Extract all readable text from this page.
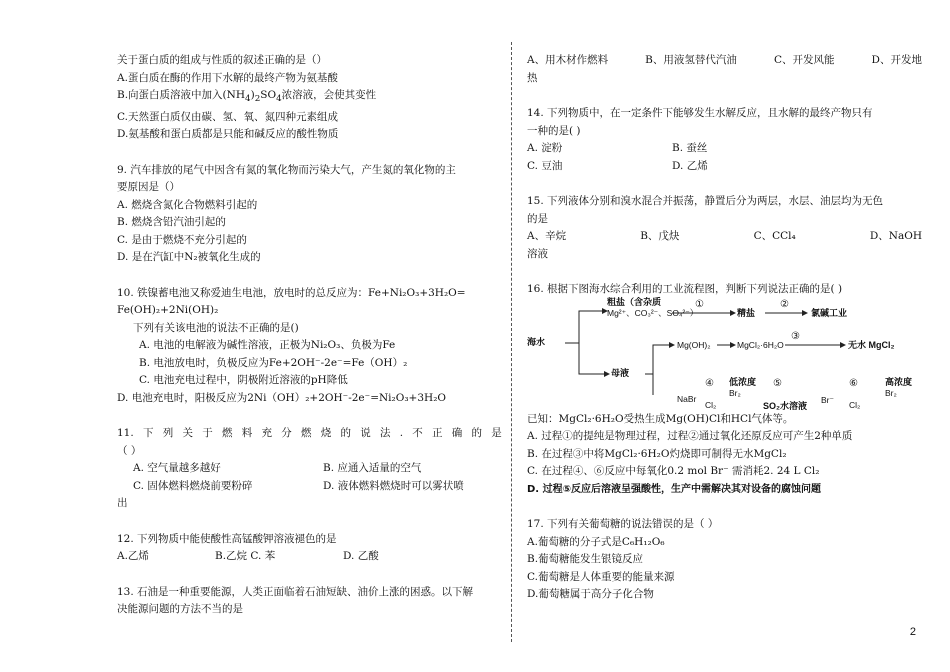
关于蛋白质的组成与性质的叙述正确的是（）
A.蛋白质在酶的作用下水解的最终产物为氨基酸
B.向蛋白质溶液中加入$(NH_4)_2SO_4$浓溶液，会使其变性
C.天然蛋白质仅由碳、氢、氧、氮四种元素组成
D.氨基酸和蛋白质都是只能和碱反应的酸性物质
9. 汽车排放的尾气中因含有氮的氧化物而污染大气，产生氮的氧化物的主
要原因是（）
A. 燃烧含氮化合物燃料引起的
B. 燃烧含铅汽油引起的
C. 是由于燃烧不充分引起的
D. 是在汽缸中N₂被氧化生成的
10. 铁镍蓄电池又称爱迪生电池，放电时的总反应为：Fe+Ni₂O₃+3H₂O=
Fe(OH)₂+2Ni(OH)₂
下列有关该电池的说法不正确的是()
A. 电池的电解液为碱性溶液，正极为Ni₂O₃、负极为Fe
B. 电池放电时，负极反应为Fe+2OH⁻-2e⁻=Fe（OH）₂
C. 电池充电过程中，阴极附近溶液的pH降低
D. 电池充电时，阳极反应为2Ni（OH）₂+2OH⁻-2e⁻=Ni₂O₃+3H₂O
11. 下 列 关 于 燃 料 充 分 燃 烧 的 说 法 . 不 正 确 的 是
（ ）
A. 空气量越多越好	B. 应通入适量的空气
C. 固体燃料燃烧前要粉碎	D. 液体燃料燃烧时可以雾状喷
出
12. 下列物质中能使酸性高锰酸钾溶液褪色的是
A.乙烯	B.乙烷 C. 苯	D. 乙酸
13. 石油是一种重要能源，人类正面临着石油短缺、油价上涨的困惑。以下解
决能源问题的方法不当的是
A、用木材作燃料	B、用液氢替代汽油	C、开发风能	D、开发地
热
14. 下列物质中，在一定条件下能够发生水解反应，且水解的最终产物只有
一种的是( )
A. 淀粉	B. 蚕丝
C. 豆油	D. 乙烯
15. 下列液体分别和溴水混合并振荡，静置后分为两层，水层、油层均为无色
的是
A、辛烷	B、戊炔	C、CCl₄	D、NaOH
溶液
16. 根据下图海水综合利用的工业流程图，判断下列说法正确的是( )
海水
粗盐（含杂质
Mg²⁺、CO₃²⁻、SO₄²⁻）
①
精盐
②
氯碱工业
Mg(OH)₂	MgCl₂·6H₂O
③
无水 MgCl₂
母液
NaBr
④
Cl₂
低浓度
Br₂
⑤
SO₂水溶液
Br⁻
⑥
Cl₂
高浓度
Br₂
已知：MgCl₂·6H₂O受热生成Mg(OH)Cl和HCl气体等。
A. 过程①的提纯是物理过程，过程②通过氧化还原反应可产生2种单质
B. 在过程③中将MgCl₂·6H₂O灼烧即可制得无水MgCl₂
C. 在过程④、⑥反应中每氧化0.2 mol Br⁻ 需消耗2. 24 L Cl₂
D. 过程⑤反应后溶液呈强酸性，生产中需解决其对设备的腐蚀问题
17. 下列有关葡萄糖的说法错误的是（ ）
A.葡萄糖的分子式是C₆H₁₂O₆
B.葡萄糖能发生银镜反应
C.葡萄糖是人体重要的能量来源
D.葡萄糖属于高分子化合物
2
